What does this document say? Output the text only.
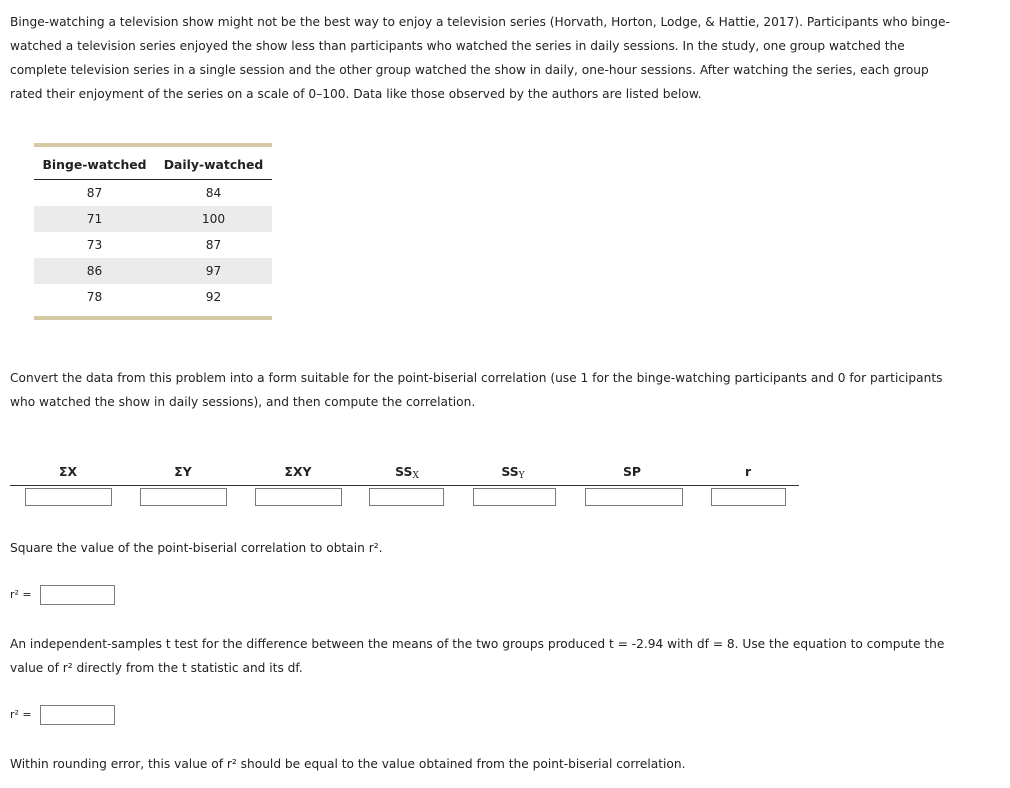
Binge-watching a television show might not be the best way to enjoy a television series (Horvath, Horton, Lodge, & Hattie, 2017). Participants who binge-watched a television series enjoyed the show less than participants who watched the series in daily sessions. In the study, one group watched the complete television series in a single session and the other group watched the show in daily, one-hour sessions. After watching the series, each group rated their enjoyment of the series on a scale of 0–100. Data like those observed by the authors are listed below.

Binge-watched	Daily-watched
87	84
71	100
73	87
86	97
78	92

Convert the data from this problem into a form suitable for the point-biserial correlation (use 1 for the binge-watching participants and 0 for participants who watched the show in daily sessions), and then compute the correlation.

ΣX	ΣY	ΣXY	$SS_X$	$SS_Y$	SP	r

Square the value of the point-biserial correlation to obtain r².

r² =

An independent-samples t test for the difference between the means of the two groups produced t = -2.94 with df = 8. Use the equation to compute the value of r² directly from the t statistic and its df.

r² =

Within rounding error, this value of r² should be equal to the value obtained from the point-biserial correlation.
